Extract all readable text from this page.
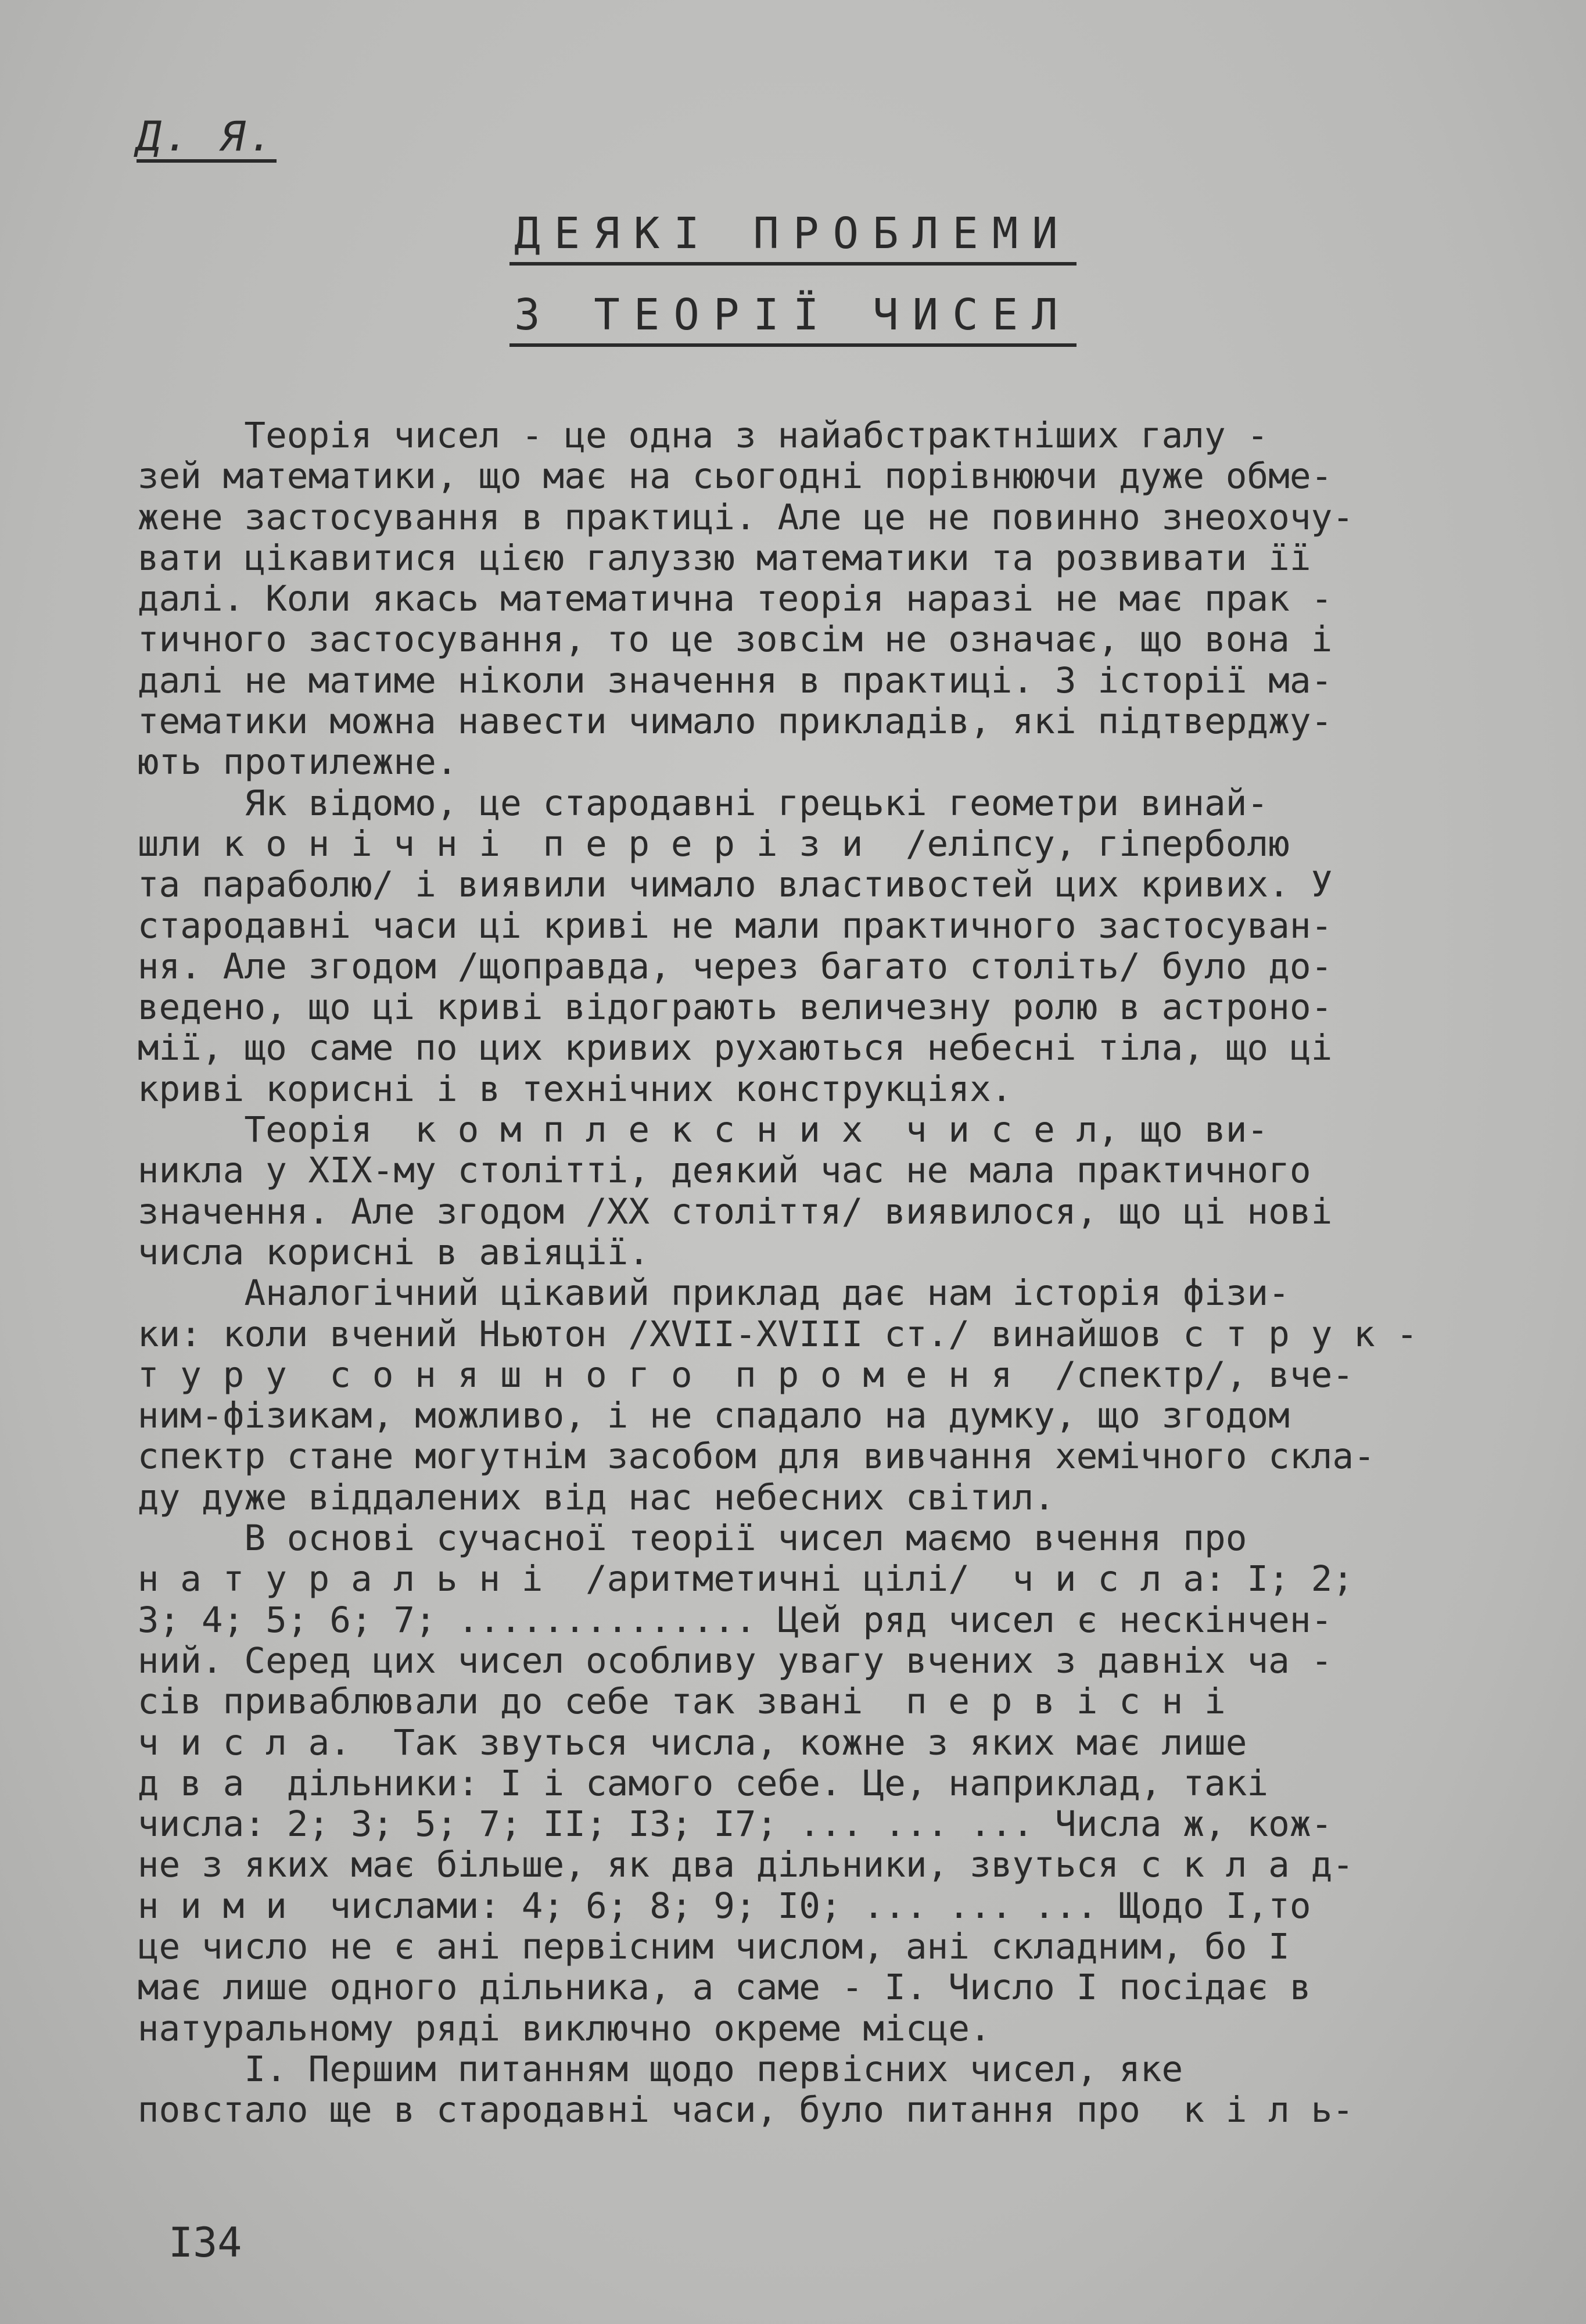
Д. Я.
ДЕЯКІ ПРОБЛЕМИ
З ТЕОРІЇ ЧИСЕЛ
Теорія чисел - це одна з найабстрактніших галу -
зей математики, що має на сьогодні порівнюючи дуже обме-
жене застосування в практиці. Але це не повинно знеохочу-
вати цікавитися цією галуззю математики та розвивати її
далі. Коли якась математична теорія наразі не має прак -
тичного застосування, то це зовсім не означає, що вона і
далі не матиме ніколи значення в практиці. З історії ма-
тематики можна навести чимало прикладів, які підтверджу-
ють протилежне.
Як відомо, це стародавні грецькі геометри винай-
шли к о н і ч н і  п е р е р і з и  /еліпсу, гіперболю
та параболю/ і виявили чимало властивостей цих кривих. У
стародавні часи ці криві не мали практичного застосуван-
ня. Але згодом /щоправда, через багато століть/ було до-
ведено, що ці криві відограють величезну ролю в астроно-
мії, що саме по цих кривих рухаються небесні тіла, що ці
криві корисні і в технічних конструкціях.
Теорія  к о м п л е к с н и х  ч и с е л, що ви-
никла у XIX-му столітті, деякий час не мала практичного
значення. Але згодом /XX століття/ виявилося, що ці нові
числа корисні в авіяції.
Аналогічний цікавий приклад дає нам історія фізи-
ки: коли вчений Ньютон /XVII-XVIII ст./ винайшов с т р у к -
т у р у  с о н я ш н о г о  п р о м е н я  /спектр/, вче-
ним-фізикам, можливо, і не спадало на думку, що згодом
спектр стане могутнім засобом для вивчання хемічного скла-
ду дуже віддалених від нас небесних світил.
В основі сучасної теорії чисел маємо вчення про
н а т у р а л ь н і  /аритметичні цілі/  ч и с л а: I; 2;
3; 4; 5; 6; 7; .............. Цей ряд чисел є нескінчен-
ний. Серед цих чисел особливу увагу вчених з давніх ча -
сів приваблювали до себе так звані  п е р в і с н і
ч и с л а.  Так звуться числа, кожне з яких має лише
д в а  дільники: I і самого себе. Це, наприклад, такі
числа: 2; 3; 5; 7; II; I3; I7; ... ... ... Числа ж, кож-
не з яких має більше, як два дільники, звуться с к л а д-
н и м и  числами: 4; 6; 8; 9; I0; ... ... ... Щодо I,то
це число не є ані первісним числом, ані складним, бо I
має лише одного дільника, а саме - I. Число I посідає в
натуральному ряді виключно окреме місце.
I. Першим питанням щодо первісних чисел, яке
повстало ще в стародавні часи, було питання про  к і л ь-
I34
